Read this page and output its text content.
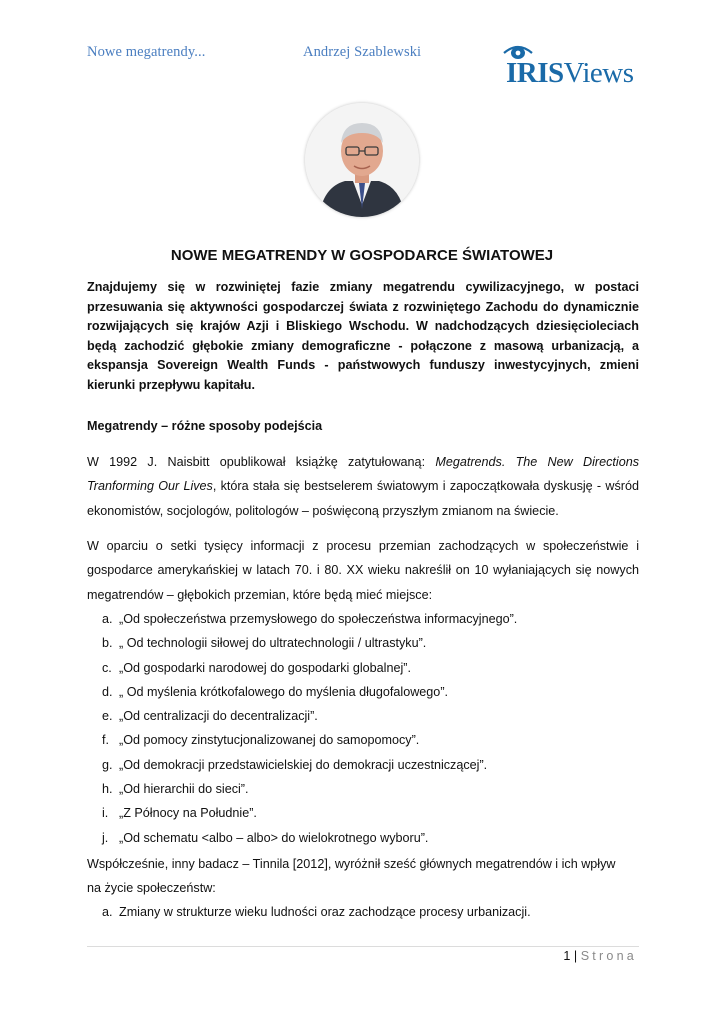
Nowe megatrendy...	Andrzej Szablewski
IRISViews
NOWE MEGATRENDY W GOSPODARCE ŚWIATOWEJ
Znajdujemy się w rozwiniętej fazie zmiany megatrendu cywilizacyjnego, w postaci przesuwania się aktywności gospodarczej świata z rozwiniętego Zachodu do dynamicznie rozwijających się krajów Azji i Bliskiego Wschodu. W nadchodzących dziesięcioleciach będą zachodzić głębokie zmiany demograficzne - połączone z masową urbanizacją, a ekspansja Sovereign Wealth Funds - państwowych funduszy inwestycyjnych, zmieni kierunki przepływu kapitału.
Megatrendy – różne sposoby podejścia
W 1992 J. Naisbitt opublikował książkę zatytułowaną: Megatrends. The New Directions Tranforming Our Lives, która stała się bestselerem światowym i zapoczątkowała dyskusję - wśród ekonomistów, socjologów, politologów – poświęconą przyszłym zmianom na świecie.
W oparciu o setki tysięcy informacji z procesu przemian zachodzących w społeczeństwie i gospodarce amerykańskiej w latach 70. i 80. XX wieku nakreślił on 10 wyłaniających się nowych megatrendów – głębokich przemian, które będą mieć miejsce:
a. „Od społeczeństwa przemysłowego do społeczeństwa informacyjnego”.
b. „ Od technologii siłowej do ultratechnologii / ultrastyku”.
c. „Od gospodarki narodowej do gospodarki globalnej”.
d. „ Od myślenia krótkofalowego do myślenia długofalowego”.
e. „Od centralizacji do decentralizacji”.
f. „Od pomocy zinstytucjonalizowanej do samopomocy”.
g. „Od demokracji przedstawicielskiej do demokracji uczestniczącej”.
h. „Od hierarchii do sieci”.
i. „Z Północy na Południe”.
j. „Od schematu <albo – albo> do wielokrotnego wyboru”.
Współcześnie, inny badacz – Tinnila [2012], wyróżnił sześć głównych megatrendów i ich wpływ
na życie społeczeństw:
a. Zmiany w strukturze wieku ludności oraz zachodzące procesy urbanizacji.
1 | Strona
